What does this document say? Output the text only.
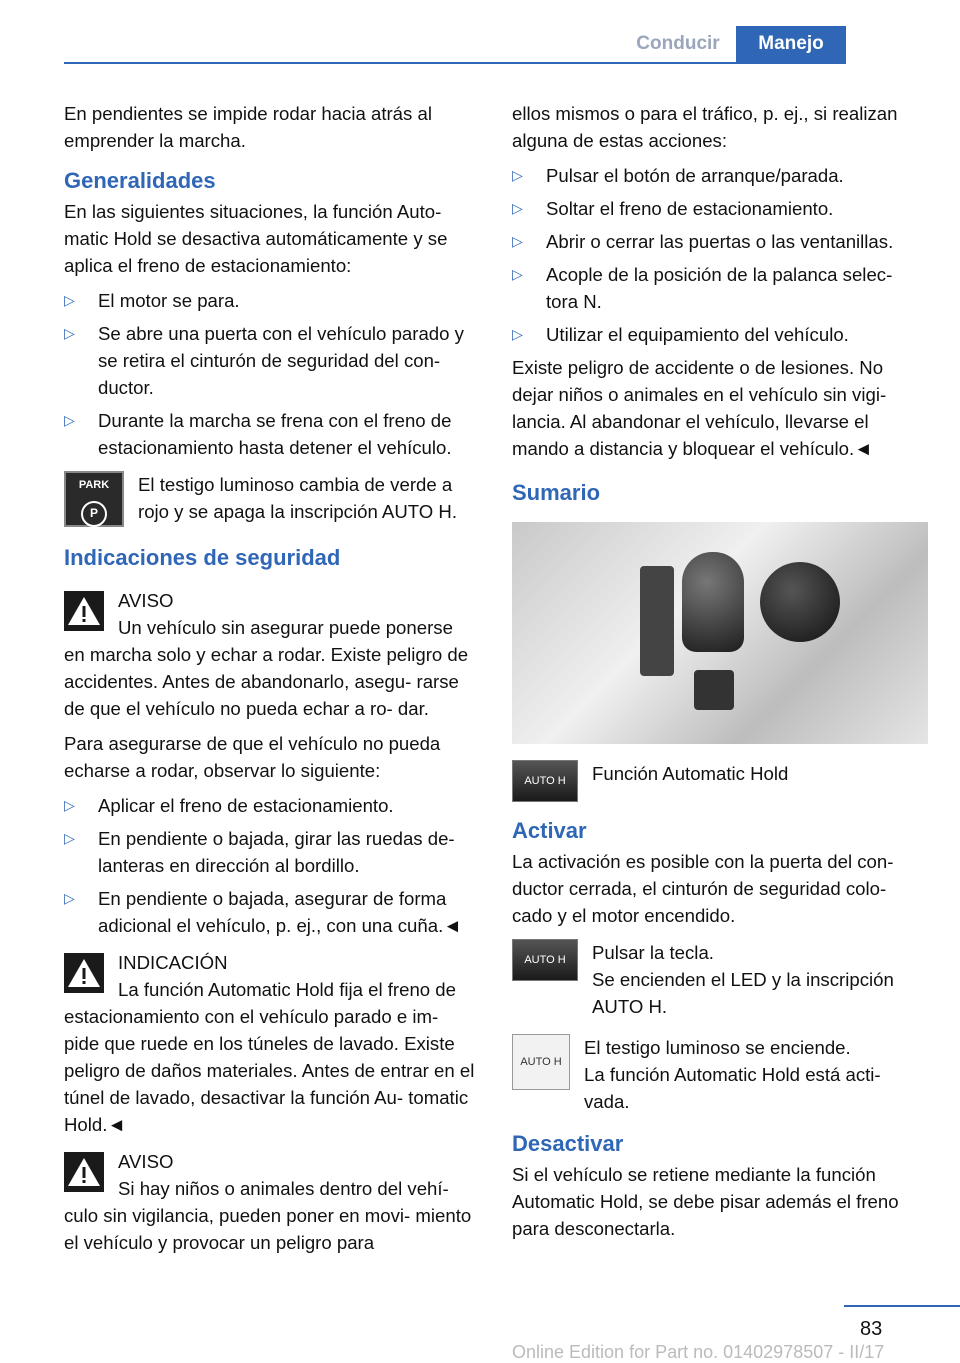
Conducir	Manejo

En pendientes se impide rodar hacia atrás al emprender la marcha.

Generalidades

En las siguientes situaciones, la función Auto- matic Hold se desactiva automáticamente y se aplica el freno de estacionamiento:

▷ El motor se para.
▷ Se abre una puerta con el vehículo parado y se retira el cinturón de seguridad del con- ductor.
▷ Durante la marcha se frena con el freno de estacionamiento hasta detener el vehículo.
PARK
P
El testigo luminoso cambia de verde a rojo y se apaga la inscripción AUTO H.
Indicaciones de seguridad
AVISO
Un vehículo sin asegurar puede ponerse en marcha solo y echar a rodar. Existe peligro de accidentes. Antes de abandonarlo, asegu- rarse de que el vehículo no pueda echar a ro- dar.

Para asegurarse de que el vehículo no pueda echarse a rodar, observar lo siguiente:

▷ Aplicar el freno de estacionamiento.
▷ En pendiente o bajada, girar las ruedas de- lanteras en dirección al bordillo.
▷ En pendiente o bajada, asegurar de forma adicional el vehículo, p. ej., con una cuña.◄
INDICACIÓN
La función Automatic Hold fija el freno de estacionamiento con el vehículo parado e im- pide que ruede en los túneles de lavado. Existe peligro de daños materiales. Antes de entrar en el túnel de lavado, desactivar la función Au- tomatic Hold.◄
AVISO
Si hay niños o animales dentro del vehí- culo sin vigilancia, pueden poner en movi- miento el vehículo y provocar un peligro para

ellos mismos o para el tráfico, p. ej., si realizan alguna de estas acciones:

▷ Pulsar el botón de arranque/parada.
▷ Soltar el freno de estacionamiento.
▷ Abrir o cerrar las puertas o las ventanillas.
▷ Acople de la posición de la palanca selec- tora N.
▷ Utilizar el equipamiento del vehículo.

Existe peligro de accidente o de lesiones. No dejar niños o animales en el vehículo sin vigi- lancia. Al abandonar el vehículo, llevarse el mando a distancia y bloquear el vehículo.◄

Sumario
AUTO H	Función Automatic Hold
Activar

La activación es posible con la puerta del con- ductor cerrada, el cinturón de seguridad colo- cado y el motor encendido.

AUTO H	Pulsar la tecla.
Se encienden el LED y la inscripción AUTO H.
AUTO H
El testigo luminoso se enciende.
La función Automatic Hold está acti- vada.
Desactivar

Si el vehículo se retiene mediante la función Automatic Hold, se debe pisar además el freno para desconectarla.

83
Online Edition for Part no. 01402978507 - II/17
